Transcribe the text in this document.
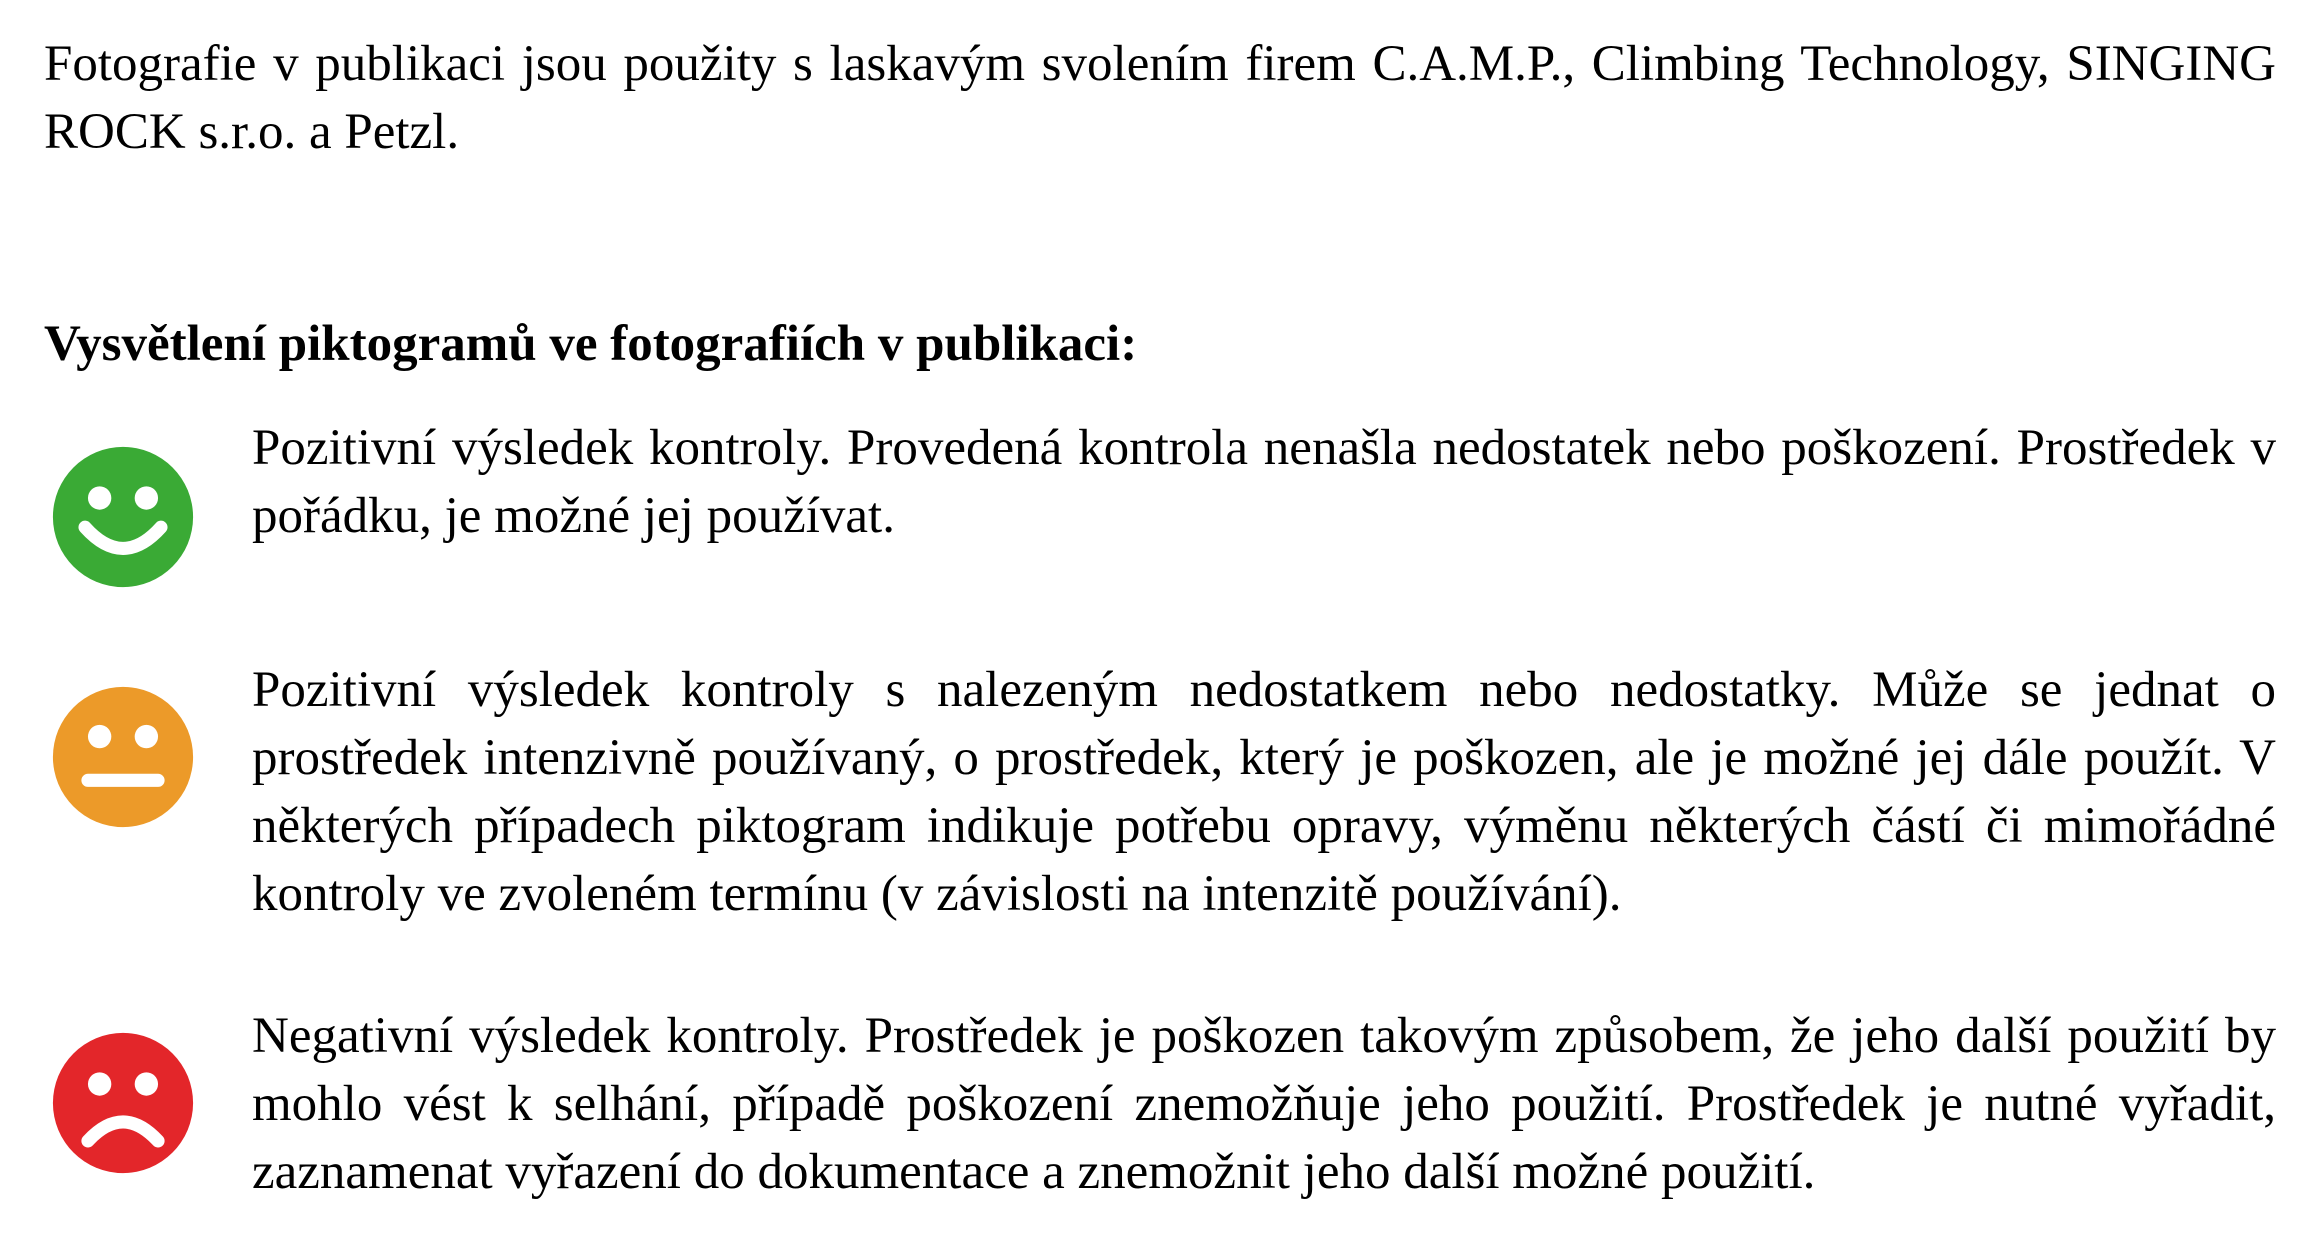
Fotografie v publikaci jsou použity s laskavým svolením firem C.A.M.P., Climbing Technology, SINGING ROCK s.r.o. a Petzl.

Vysvětlení piktogramů ve fotografiích v publikaci:

Pozitivní výsledek kontroly. Provedená kontrola nenašla nedostatek nebo poškození. Prostředek v pořádku, je možné jej používat.

Pozitivní výsledek kontroly s nalezeným nedostatkem nebo nedostatky. Může se jednat o prostředek intenzivně používaný, o prostředek, který je poškozen, ale je možné jej dále použít. V některých případech piktogram indikuje potřebu opravy, výměnu některých částí či mimořádné kontroly ve zvoleném termínu (v závislosti na intenzitě používání).

Negativní výsledek kontroly. Prostředek je poškozen takovým způsobem, že jeho další použití by mohlo vést k selhání, případě poškození znemožňuje jeho použití. Prostředek je nutné vyřadit, zaznamenat vyřazení do dokumentace a znemožnit jeho další možné použití.
